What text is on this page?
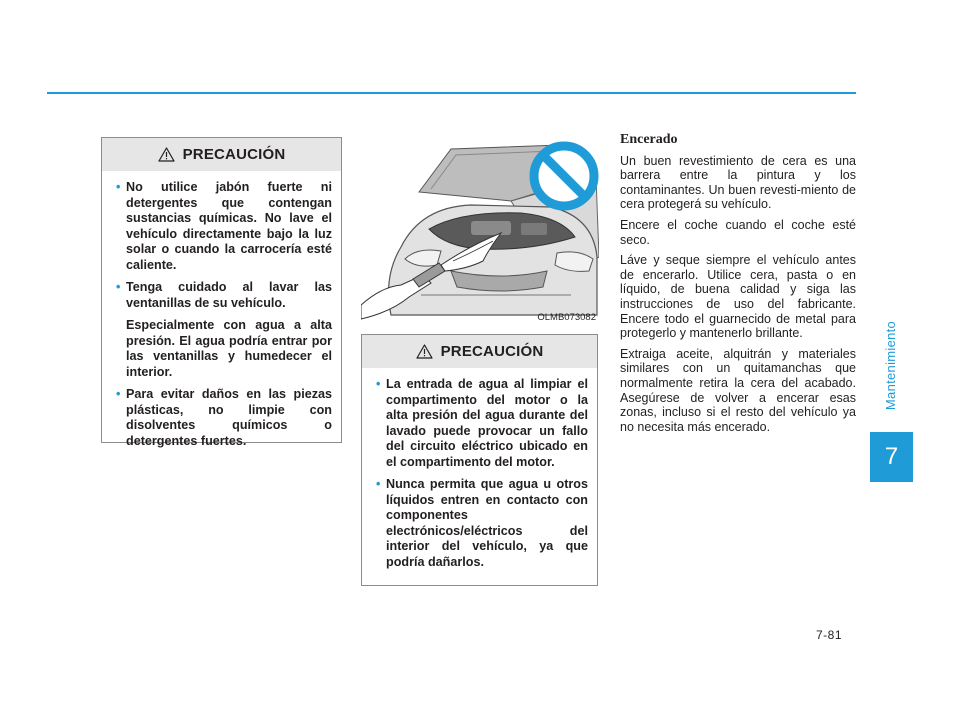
PRECAUCIÓN
• No utilice jabón fuerte ni detergentes que contengan sustancias químicas. No lave el vehículo directamente bajo la luz solar o cuando la carrocería esté caliente.
• Tenga cuidado al lavar las ventanillas de su vehículo.
Especialmente con agua a alta presión. El agua podría entrar por las ventanillas y humedecer el interior.
• Para evitar daños en las piezas plásticas, no limpie con disolventes químicos o detergentes fuertes.
OLMB073082
PRECAUCIÓN
• La entrada de agua al limpiar el compartimento del motor o la alta presión del agua durante del lavado puede provocar un fallo del circuito eléctrico ubicado en el compartimento del motor.
• Nunca permita que agua u otros líquidos entren en contacto con componentes electrónicos/eléctricos del interior del vehículo, ya que podría dañarlos.
Encerado

Un buen revestimiento de cera es una barrera entre la pintura y los contaminantes. Un buen revesti-miento de cera protegerá su vehículo.

Encere el coche cuando el coche esté seco.

Láve y seque siempre el vehículo antes de encerarlo. Utilice cera, pasta o en líquido, de buena calidad y siga las instrucciones de uso del fabricante. Encere todo el guarnecido de metal para protegerlo y mantenerlo brillante.

Extraiga aceite, alquitrán y materiales similares con un quitamanchas que normalmente retira la cera del acabado. Asegúrese de volver a encerar esas zonas, incluso si el resto del vehículo ya no necesita más encerado.

Mantenimiento
7
7-81
